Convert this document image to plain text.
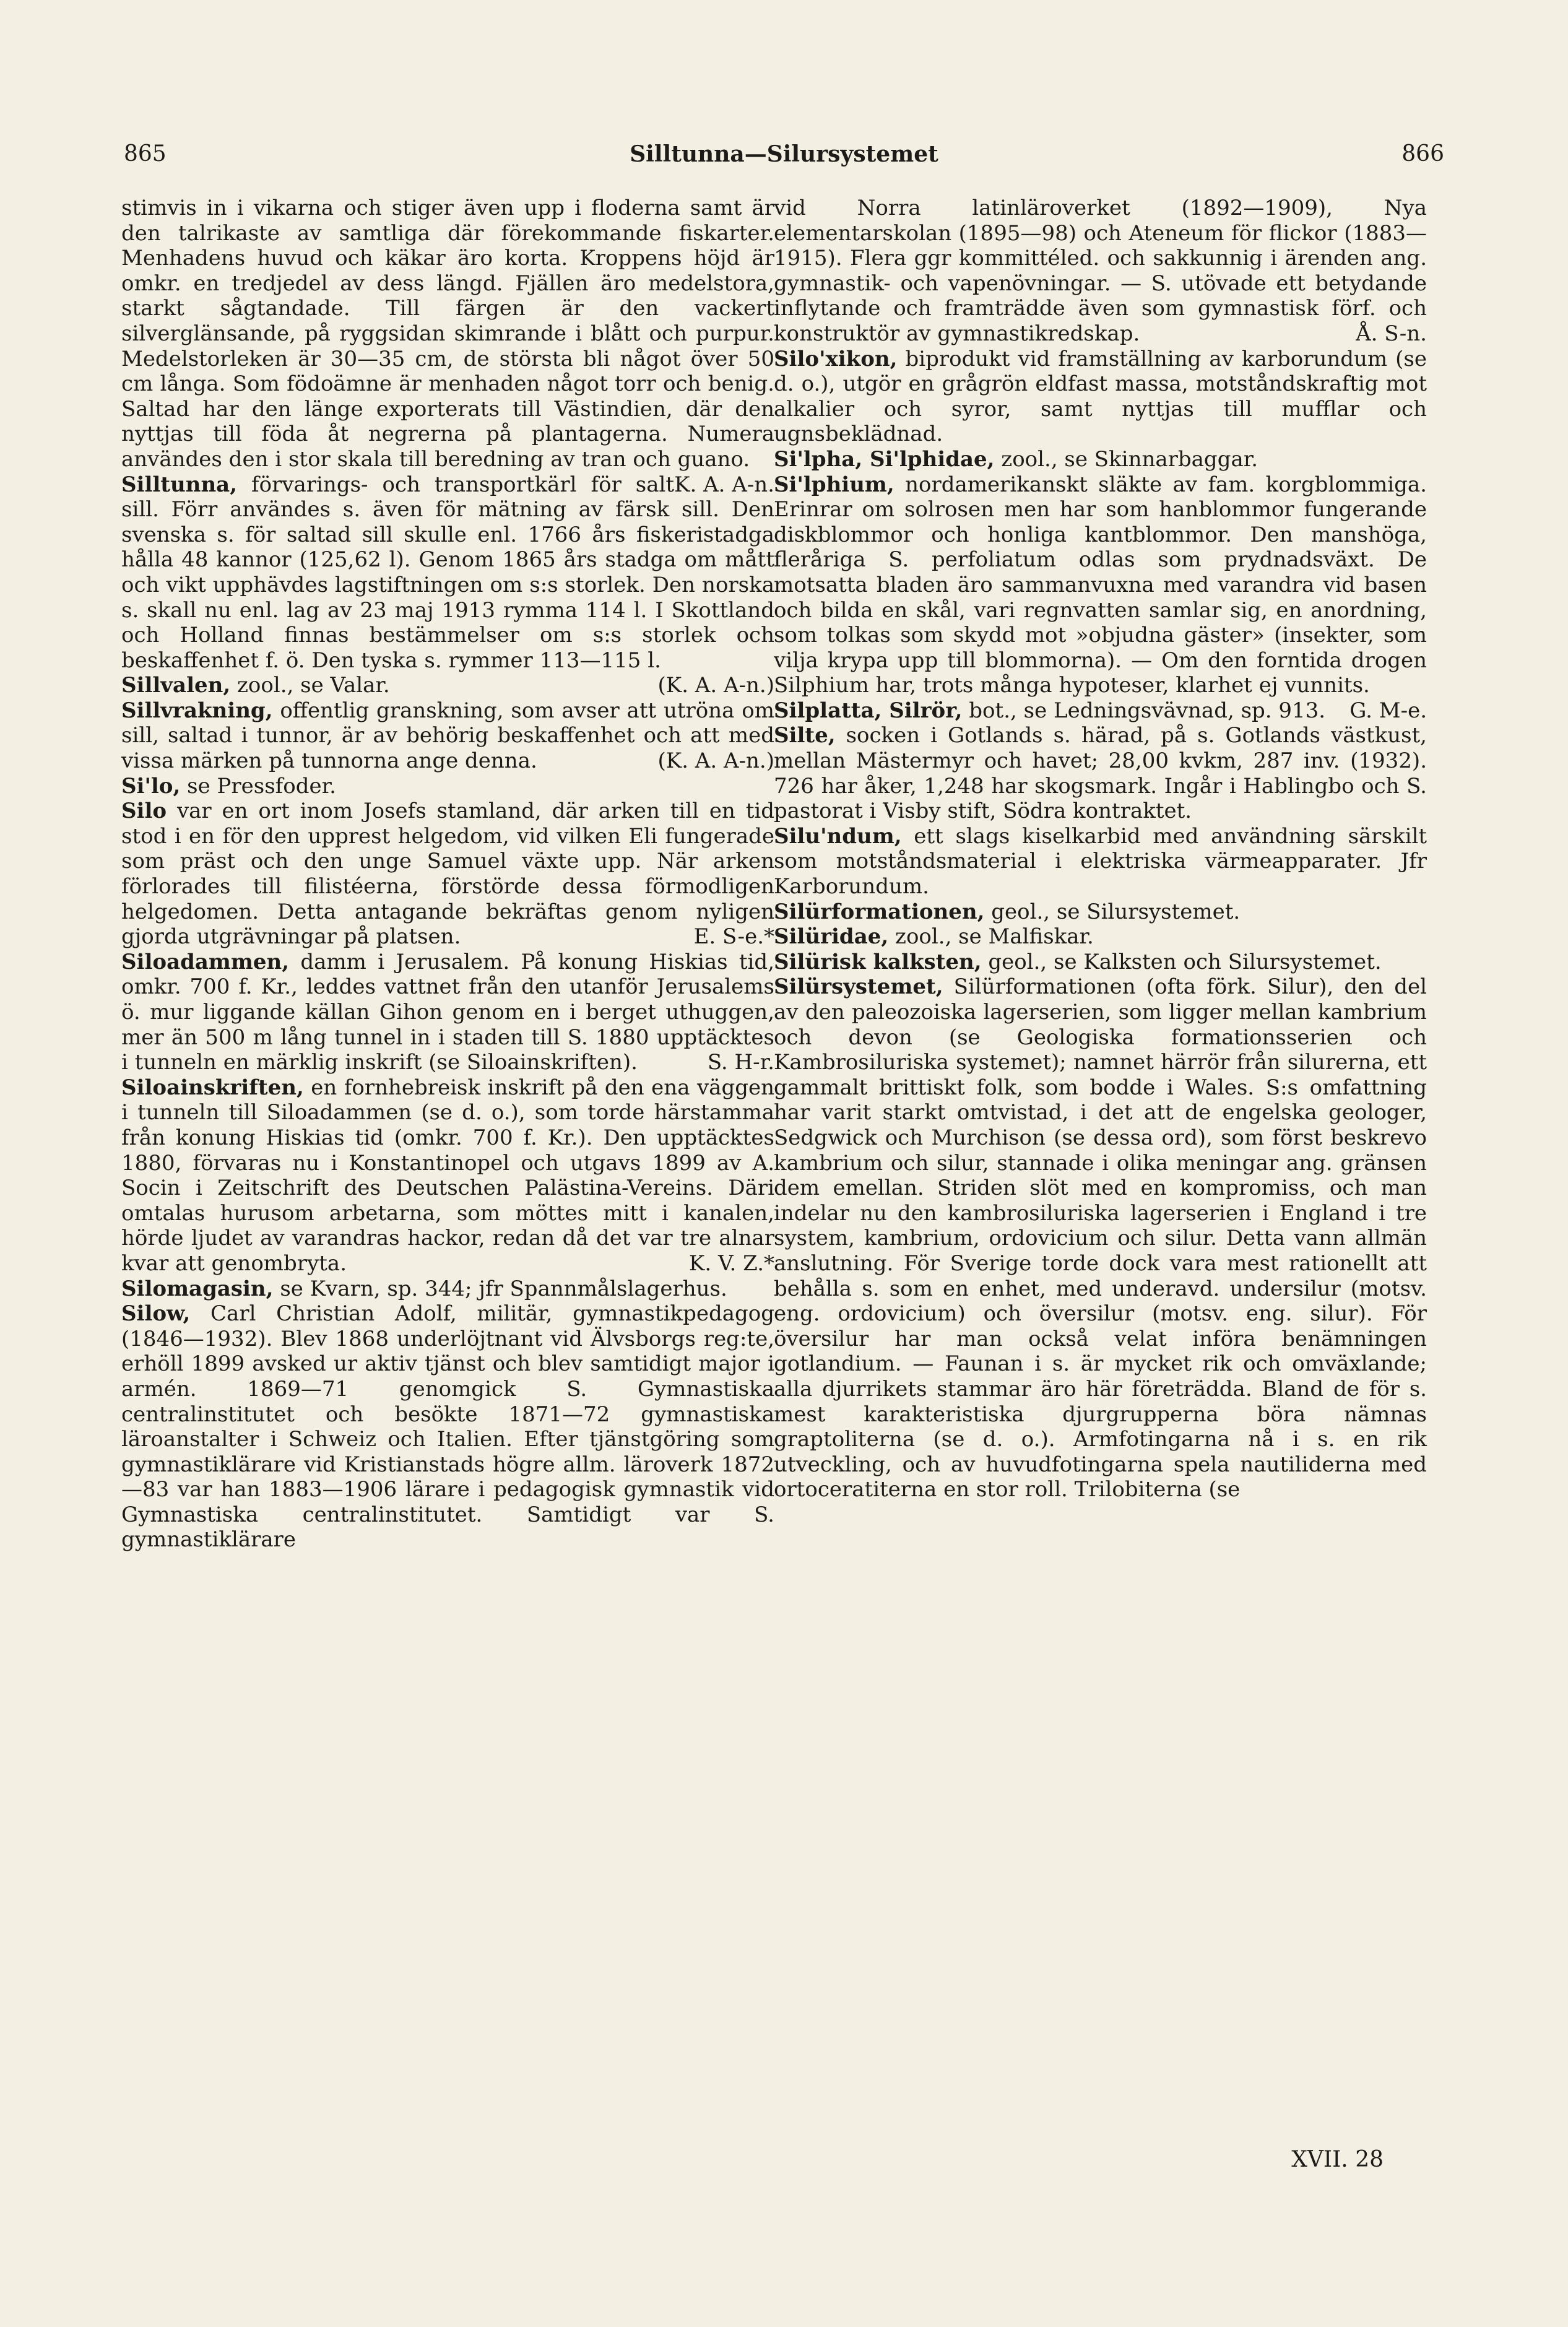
865	Silltunna—Silursystemet	866

stimvis in i vikarna och stiger även upp i floderna samt är den talrikaste av samtliga där förekommande fiskarter. Menhadens huvud och käkar äro korta. Kroppens höjd är omkr. en tredjedel av dess längd. Fjällen äro medelstora, starkt sågtandade. Till färgen är den vackert silverglänsande, på ryggsidan skimrande i blått och purpur. Medelstorleken är 30—35 cm, de största bli något över 50 cm långa. Som födoämne är menhaden något torr och benig. Saltad har den länge exporterats till Västindien, där den nyttjas till föda åt negrerna på plantagerna. Numera användes den i stor skala till beredning av tran och guano.
K. A. A-n.

Silltunna, förvarings- och transportkärl för salt sill. Förr användes s. även för mätning av färsk sill. Den svenska s. för saltad sill skulle enl. 1766 års fiskeristadga hålla 48 kannor (125,62 l). Genom 1865 års stadga om mått och vikt upphävdes lagstiftningen om s:s storlek. Den norska s. skall nu enl. lag av 23 maj 1913 rymma 114 l. I Skottland och Holland finnas bestämmelser om s:s storlek och beskaffenhet f. ö. Den tyska s. rymmer 113—115 l.
(K. A. A-n.)

Sillvalen, zool., se Valar.

Sillvrakning, offentlig granskning, som avser att utröna om sill, saltad i tunnor, är av behörig beskaffenhet och att med vissa märken på tunnorna ange denna.	(K. A. A-n.)

Si'lo, se Pressfoder.

Silo var en ort inom Josefs stamland, där arken till en tid stod i en för den upprest helgedom, vid vilken Eli fungerade som präst och den unge Samuel växte upp. När arken förlorades till filistéerna, förstörde dessa förmodligen helgedomen. Detta antagande bekräftas genom nyligen gjorda utgrävningar på platsen.	E. S-e.*

Siloadammen, damm i Jerusalem. På konung Hiskias tid, omkr. 700 f. Kr., leddes vattnet från den utanför Jerusalems ö. mur liggande källan Gihon genom en i berget uthuggen, mer än 500 m lång tunnel in i staden till S. 1880 upptäcktes i tunneln en märklig inskrift (se Siloainskriften).	S. H-r.

Siloainskriften, en fornhebreisk inskrift på den ena väggen i tunneln till Siloadammen (se d. o.), som torde härstamma från konung Hiskias tid (omkr. 700 f. Kr.). Den upptäcktes 1880, förvaras nu i Konstantinopel och utgavs 1899 av A. Socin i Zeitschrift des Deutschen Palästina-Vereins. Däri omtalas hurusom arbetarna, som möttes mitt i kanalen, hörde ljudet av varandras hackor, redan då det var tre alnar kvar att genombryta.	K. V. Z.*

Silomagasin, se Kvarn, sp. 344; jfr Spannmålslagerhus.

Silow, Carl Christian Adolf, militär, gymnastikpedagog (1846—1932). Blev 1868 underlöjtnant vid Älvsborgs reg:te, erhöll 1899 avsked ur aktiv tjänst och blev samtidigt major i armén. 1869—71 genomgick S. Gymnastiska centralinstitutet och besökte 1871—72 gymnastiska läroanstalter i Schweiz och Italien. Efter tjänstgöring som gymnastiklärare vid Kristianstads högre allm. läroverk 1872—83 var han 1883—1906 lärare i pedagogisk gymnastik vid Gymnastiska centralinstitutet. Samtidigt var S. gymnastiklärare

vid Norra latinläroverket (1892—1909), Nya elementarskolan (1895—98) och Ateneum för flickor (1883—1915). Flera ggr kommittéled. och sakkunnig i ärenden ang. gymnastik- och vapenövningar. — S. utövade ett betydande inflytande och framträdde även som gymnastisk förf. och konstruktör av gymnastikredskap.	Å. S-n.

Silo'xikon, biprodukt vid framställning av karborundum (se d. o.), utgör en grågrön eldfast massa, motståndskraftig mot alkalier och syror, samt nyttjas till mufflar och ugnsbeklädnad.

Si'lpha, Si'lphidae, zool., se Skinnarbaggar.

Si'lphium, nordamerikanskt släkte av fam. korgblommiga. Erinrar om solrosen men har som hanblommor fungerande diskblommor och honliga kantblommor. Den manshöga, fleråriga S. perfoliatum odlas som prydnadsväxt. De motsatta bladen äro sammanvuxna med varandra vid basen och bilda en skål, vari regnvatten samlar sig, en anordning, som tolkas som skydd mot »objudna gäster» (insekter, som vilja krypa upp till blommorna). — Om den forntida drogen Silphium har, trots många hypoteser, klarhet ej vunnits.
G. M-e.

Silplatta, Silrör, bot., se Ledningsvävnad, sp. 913.

Silte, socken i Gotlands s. härad, på s. Gotlands västkust, mellan Mästermyr och havet; 28,00 kvkm, 287 inv. (1932). 726 har åker, 1,248 har skogsmark. Ingår i Hablingbo och S. pastorat i Visby stift, Södra kontraktet.

Silu'ndum, ett slags kiselkarbid med användning särskilt som motståndsmaterial i elektriska värmeapparater. Jfr Karborundum.

Silürformationen, geol., se Silursystemet.

Silüridae, zool., se Malfiskar.

Silürisk kalksten, geol., se Kalksten och Silursystemet.

Silürsystemet, Silürformationen (ofta förk. Silur), den del av den paleozoiska lagerserien, som ligger mellan kambrium och devon (se Geologiska formationsserien och Kambrosiluriska systemet); namnet härrör från silurerna, ett gammalt brittiskt folk, som bodde i Wales. S:s omfattning har varit starkt omtvistad, i det att de engelska geologer, Sedgwick och Murchison (se dessa ord), som först beskrevo kambrium och silur, stannade i olika meningar ang. gränsen dem emellan. Striden slöt med en kompromiss, och man indelar nu den kambrosiluriska lagerserien i England i tre system, kambrium, ordovicium och silur. Detta vann allmän anslutning. För Sverige torde dock vara mest rationellt att behålla s. som en enhet, med underavd. undersilur (motsv. eng. ordovicium) och översilur (motsv. eng. silur). För översilur har man också velat införa benämningen gotlandium. — Faunan i s. är mycket rik och omväxlande; alla djurrikets stammar äro här företrädda. Bland de för s. mest karakteristiska djurgrupperna böra nämnas graptoliterna (se d. o.). Armfotingarna nå i s. en rik utveckling, och av huvudfotingarna spela nautiliderna med ortoceratiterna en stor roll. Trilobiterna (se

XVII. 28
